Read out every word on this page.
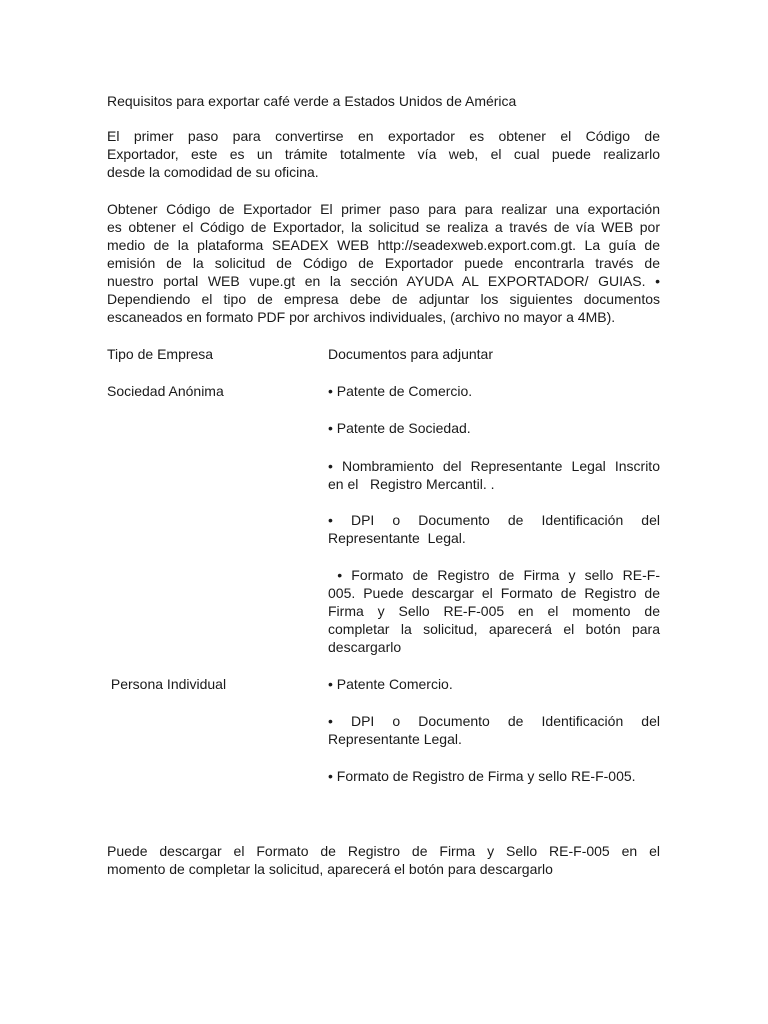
Requisitos para exportar café verde a Estados Unidos de América

El primer paso para convertirse en exportador es obtener el Código de
Exportador, este es un trámite totalmente vía web, el cual puede realizarlo
desde la comodidad de su oficina.
Obtener Código de Exportador El primer paso para para realizar una exportación
es obtener el Código de Exportador, la solicitud se realiza a través de vía WEB por
medio de la plataforma SEADEX WEB http://seadexweb.export.com.gt. La guía de
emisión de la solicitud de Código de Exportador puede encontrarla través de
nuestro portal WEB vupe.gt en la sección AYUDA AL EXPORTADOR/ GUIAS. •
Dependiendo el tipo de empresa debe de adjuntar los siguientes documentos
escaneados en formato PDF por archivos individuales, (archivo no mayor a 4MB).

Tipo de Empresa	Documentos para adjuntar

Sociedad Anónima	• Patente de Comercio.
• Patente de Sociedad.
• Nombramiento del Representante Legal Inscrito
en el   Registro Mercantil. .
• DPI o Documento de Identificación del
Representante  Legal.
• Formato de Registro de Firma y sello RE-F-
005. Puede descargar el Formato de Registro de
Firma y Sello RE-F-005 en el momento de
completar la solicitud, aparecerá el botón para
descargarlo

Persona Individual	• Patente Comercio.
• DPI o Documento de Identificación del
Representante Legal.
• Formato de Registro de Firma y sello RE-F-005.
Puede descargar el Formato de Registro de Firma y Sello RE-F-005 en el
momento de completar la solicitud, aparecerá el botón para descargarlo
